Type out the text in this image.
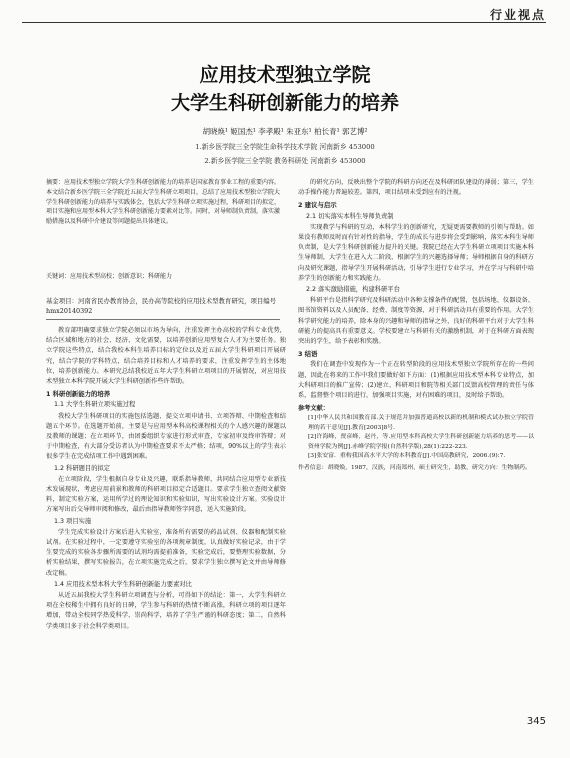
行业视点
应用技术型独立学院
大学生科研创新能力的培养
胡晓焕¹ 姬国杰¹ 李孝殿¹ 朱亚东¹ 柏长青¹ 郭艺博²
1.新乡医学院三全学院生命科学技术学院 河南新乡 453000
2.新乡医学院三全学院 教务科研处 河南新乡 453000
摘要：应用技术型独立学院大学生科研创新能力的培养是国家教育事业工程的重要内容。本文结合新乡医学院三全学院近五届大学生科研立项项目，总结了应用技术型独立学院大学生科研创新能力的培养与实践体会，包括大学生科研立项实施过程，科研项目的拟定，项目实施和应用型本科大学生科研创新能力要素对比等。同时，对导师制负责制，落实激励措施以及科研中介建设等问题提出具体建议。
关键词：应用技术型高校；创新意识；科研能力
基金项目：河南省民办教育协会，民办高等院校的应用技术型教育研究，项目编号hmx20140392

教育部明确要求独立学院必须以市场为导向，注重发挥主办高校的学科专业优势，结合区域和地方的社会、经济、文化需要，以培养创新应用型复合人才为主要任务。独立学院这些特点，结合我校本科生培养目标的定位以及近五届大学生科研项目开展研究，结合学院的学科特点，结合培养目标和人才培养的要求，注重发挥学生的主体地位，培养创新能力。本研究总结我校近五年大学生科研立项项目的开展情况，对应用技术型独立本科学院开展大学生科研创新作些许帮助。

1 科研创新能力的培养

1.1 大学生科研立项实施过程

我校大学生科研项目的实施包括选题、提交立项申请书、立项答辩、中期检查和结题五个环节。在选题开始前，主要是与应用型本科高校课程相关的个人感兴趣的课题以及教师的课题；在立项环节，由团委组织专家进行形式审查，专家初审及终审答辩；对于中期检查，有大部分受访者认为中期检查要求不太严格；结项，90%以上的学生表示很多学生在完成结项工作中遇到困难。

1.2 科研题目的拟定

在立项阶段，学生根据自身专业及兴趣，联系指导教师，共同结合应用型专业新技术发展现状，考虑应用前景和教师的科研项目拟定合适题目。要求学生独立查阅文献资料，制定实验方案，运用所学过的理论知识和实验知识，写出实验设计方案。实验设计方案写出后交导师审阅和修改，最后由指导教师签字同意，送入实施阶段。

1.3 项目实施

学生完成实验设计方案后进入实验室，准备所有需要的药品试剂、仪器和配制实验试剂。在实验过程中，一定要遵守实验室的各项规章制度，认真做好实验记录，由于学生要完成的实验各步骤所需要的试剂均需提前准备，实验完成后，要整理实验数据，分析实验结果，撰写实验报告，在立项实施完成之后，要求学生独立撰写论文并由导师修改定稿。

1.4 应用技术型本科大学生科研创新能力要素对比

从近五届我校大学生科研立项调查与分析，可得如下的结论：第一，大学生科研立项在全校稀生中拥有良好的日碑，学生参与科研的热情不断高涨，科研立项的项目逐年增加，带动全校同学热爱科学、崇尚科学，培养了学生严谨的科研态度；第二，自然科学类项目多于社会科学类项目。

的研究方向，反映出整个学院的科研方向还在及科研团队建设的薄弱；第三，学生动手操作能力普遍较差。第四，项目结项未受到应有的注视。

2 建议与启示

2.1 切实落实本科生导师负责制

实现教学与科研的互动，本科学生的创新研究，无疑更需要教师的引领与帮助。如果没有教师及时而有针对性的指导，学生的成长与进步将会受到影响，落实本科生导师负责制，是大学生科研创新能力提升的关键。我院已经在大学生科研立项项目实施本科生导师制，大学生在进入大二阶段，根据学生的兴趣选择导师；导师根据自身的科研方向及研究课题，指导学生开展科研活动，引导学生进行专业学习，并在学习与科研中培养学生的创新能力和实践能力。

2.2 落实激励措施，构建科研平台

科研平台是指科学研究及科研活动中各种支撑条件的配置，包括场地、仪器设备、图书馆资料以及人员配备、经费、制度等资源，对于科研活动具有重要的作用。大学生科学研究能力的培养，除本身的兴趣和导师的指导之外，良好的科研平台对于大学生科研能力的提高具有重要意义。学校要建立与科研有关的激励机制，对于在科研方面表现突出的学生，给予表彰和奖励。

3 结语

我们在调查中发现作为一个正在转型阶段的应用技术型独立学院所存在的一些问题，因此在将来的工作中我们要做好如下方面：(1)根据应用技术型本科专业特点，加大科研项目的推广宣传；(2)建立、科研项目和院等相关部门反馈高校管理的责任与体系，监督整个项目的进行，加强项目实施，对有困难的项目，及时给予帮助。

参考文献：

[1]中华人民共和国教育部.关于规范并加强普通高校以新的机制和模式试办独立学院管理的若干意见[J].教育[2003]8号.

[2]许海峰，贾彦峰，赵丹，等.应用型本科高校大学生科研创新能力培养的思考——以资州学院为例[J].赤峰学院学报(自然科学版),28(1):222-223.

[3]张安富．重构我国高水平大学的本科教育[J].中国高教研究，2006.(9):7.

作者信息：胡晓焕，1987，汉族，河南郑州，硕士研究生，助教，研究方向：生物制药。

345
